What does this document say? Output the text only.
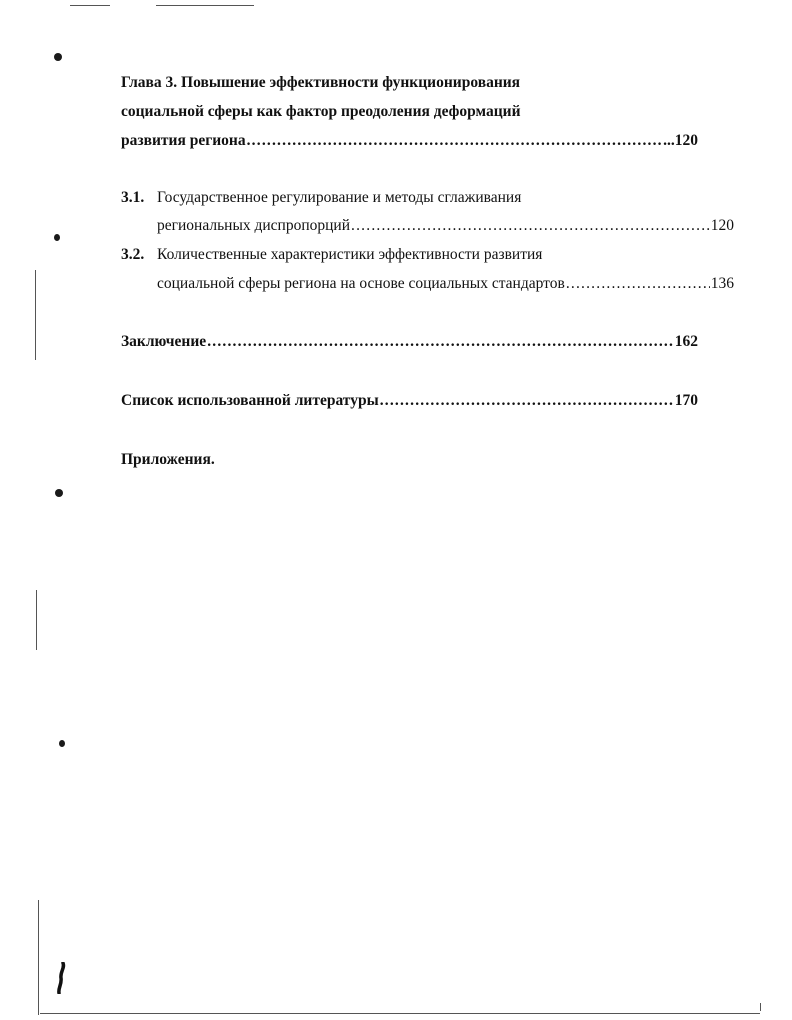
Глава 3. Повышение эффективности функционирования
социальной сферы как фактор преодоления деформаций
развития региона .....	...120
3.1. Государственное регулирование и методы сглаживания
региональных диспропорций .....	120
3.2. Количественные характеристики эффективности развития
социальной сферы региона на основе социальных стандартов .....	136
Заключение .....	162
Список использованной литературы .....	170
Приложения.
